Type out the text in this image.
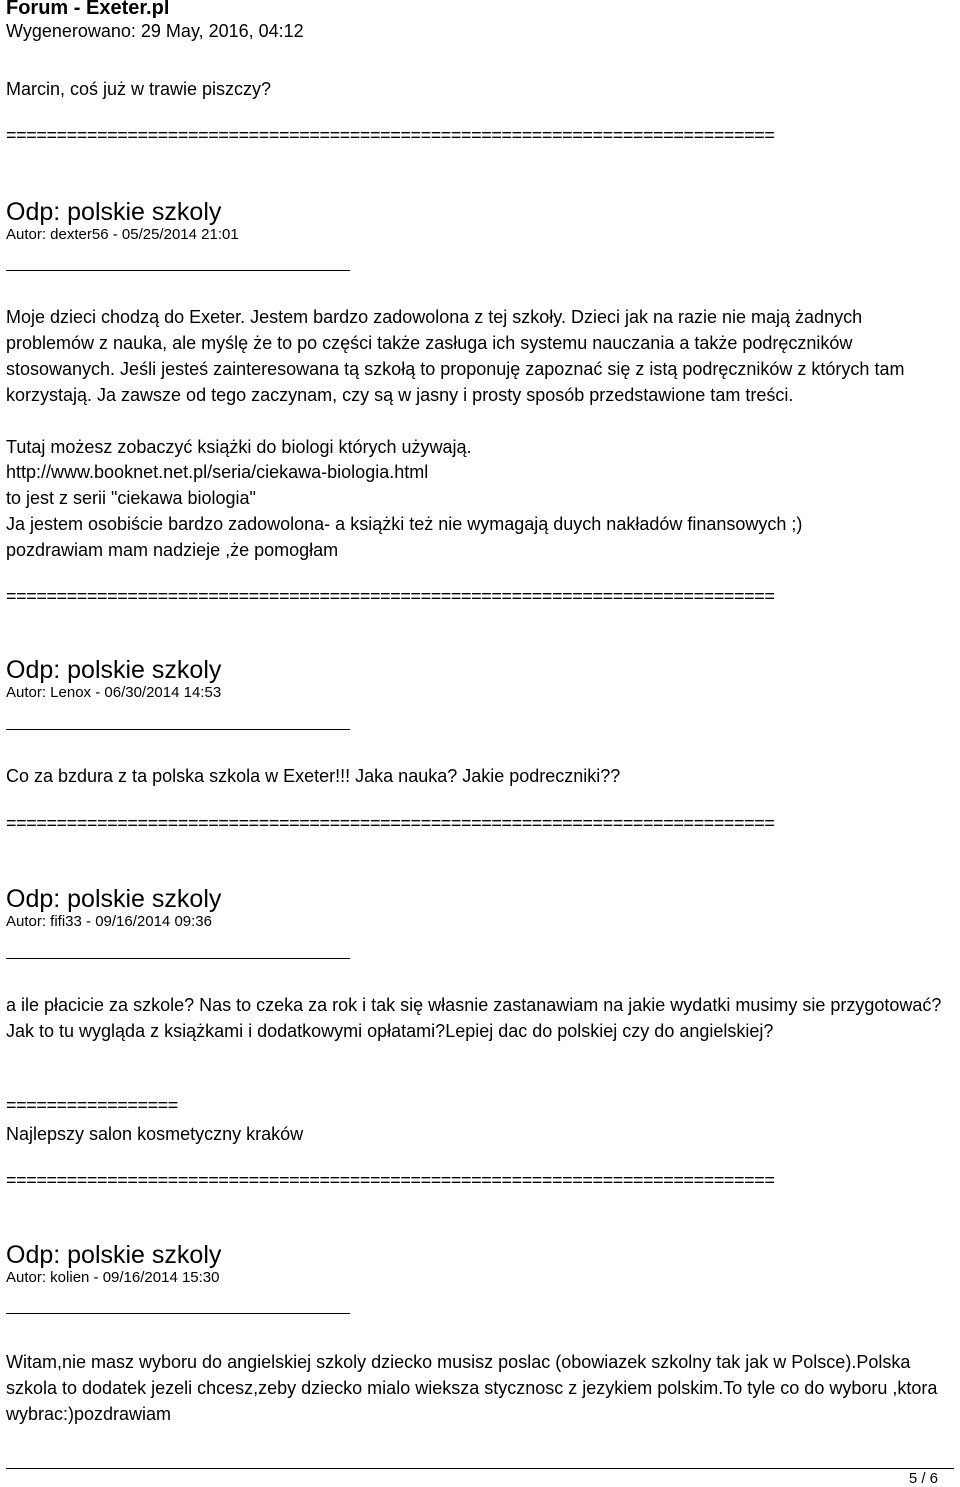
Forum - Exeter.pl
Wygenerowano: 29 May, 2016, 04:12
Marcin, coś już w trawie piszczy?
============================================================================
Odp: polskie szkoly
Autor: dexter56 - 05/25/2014 21:01
Moje dzieci chodzą do Exeter. Jestem bardzo zadowolona z tej szkoły. Dzieci jak na razie nie mają żadnych problemów z nauka, ale myślę że to po części także zasługa ich systemu nauczania a także podręczników stosowanych. Jeśli jesteś zainteresowana tą szkołą to proponuję zapoznać się z istą podręczników z których tam korzystają. Ja zawsze od tego zaczynam, czy są w jasny i prosty sposób przedstawione tam treści.
Tutaj możesz zobaczyć książki do biologi których używają.
http://www.booknet.net.pl/seria/ciekawa-biologia.html
to jest z serii "ciekawa biologia"
Ja jestem osobiście bardzo zadowolona- a książki też nie wymagają duych nakładów finansowych ;)
pozdrawiam mam nadzieje ,że pomogłam
============================================================================
Odp: polskie szkoly
Autor: Lenox - 06/30/2014 14:53
Co za bzdura z ta polska szkola w Exeter!!! Jaka nauka? Jakie podreczniki??
============================================================================
Odp: polskie szkoly
Autor: fifi33 - 09/16/2014 09:36
a ile płacicie za szkole? Nas to czeka za rok i tak się własnie zastanawiam na jakie wydatki musimy sie przygotować? Jak to tu wygląda z książkami i dodatkowymi opłatami?Lepiej dac do polskiej czy do angielskiej?
=================
Najlepszy salon kosmetyczny kraków
============================================================================
Odp: polskie szkoly
Autor: kolien - 09/16/2014 15:30
Witam,nie masz wyboru do angielskiej szkoly dziecko musisz poslac (obowiazek szkolny tak jak w Polsce).Polska szkola to dodatek jezeli chcesz,zeby dziecko mialo wieksza stycznosc z jezykiem polskim.To tyle co do wyboru ,ktora wybrac:)pozdrawiam
5 / 6
